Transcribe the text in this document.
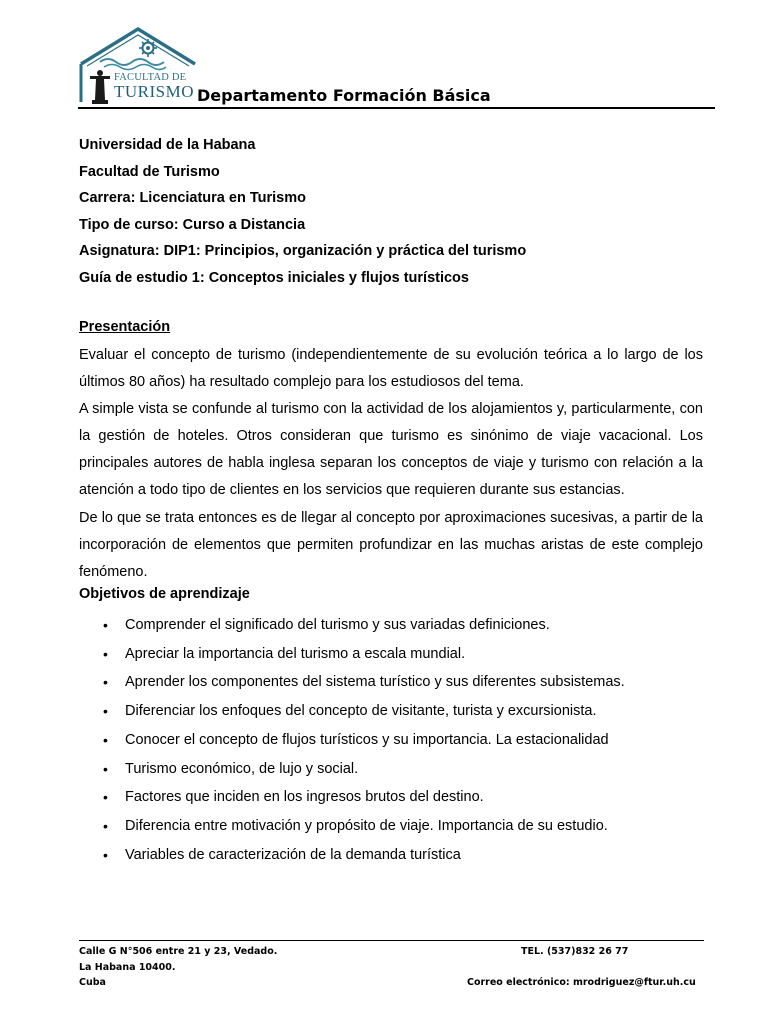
FACULTAD DE
TURISMO Departamento Formación Básica
Universidad de la Habana
Facultad de Turismo
Carrera: Licenciatura en Turismo
Tipo de curso: Curso a Distancia
Asignatura: DIP1: Principios, organización y práctica del turismo
Guía de estudio 1: Conceptos iniciales y flujos turísticos
Presentación

Evaluar el concepto de turismo (independientemente de su evolución teórica a lo largo de los últimos 80 años) ha resultado complejo para los estudiosos del tema.

A simple vista se confunde al turismo con la actividad de los alojamientos y, particularmente, con la gestión de hoteles. Otros consideran que turismo es sinónimo de viaje vacacional. Los principales autores de habla inglesa separan los conceptos de viaje y turismo con relación a la atención a todo tipo de clientes en los servicios que requieren durante sus estancias.

De lo que se trata entonces es de llegar al concepto por aproximaciones sucesivas, a partir de la incorporación de elementos que permiten profundizar en las muchas aristas de este complejo fenómeno.

Objetivos de aprendizaje
• Comprender el significado del turismo y sus variadas definiciones.
• Apreciar la importancia del turismo a escala mundial.
• Aprender los componentes del sistema turístico y sus diferentes subsistemas.
• Diferenciar los enfoques del concepto de visitante, turista y excursionista.
• Conocer el concepto de flujos turísticos y su importancia. La estacionalidad
• Turismo económico, de lujo y social.
• Factores que inciden en los ingresos brutos del destino.
• Diferencia entre motivación y propósito de viaje. Importancia de su estudio.
• Variables de caracterización de la demanda turística
Calle G N°506 entre 21 y 23, Vedado.
La Habana 10400.
Cuba
TEL. (537)832 26 77
Correo electrónico: mrodriguez@ftur.uh.cu
